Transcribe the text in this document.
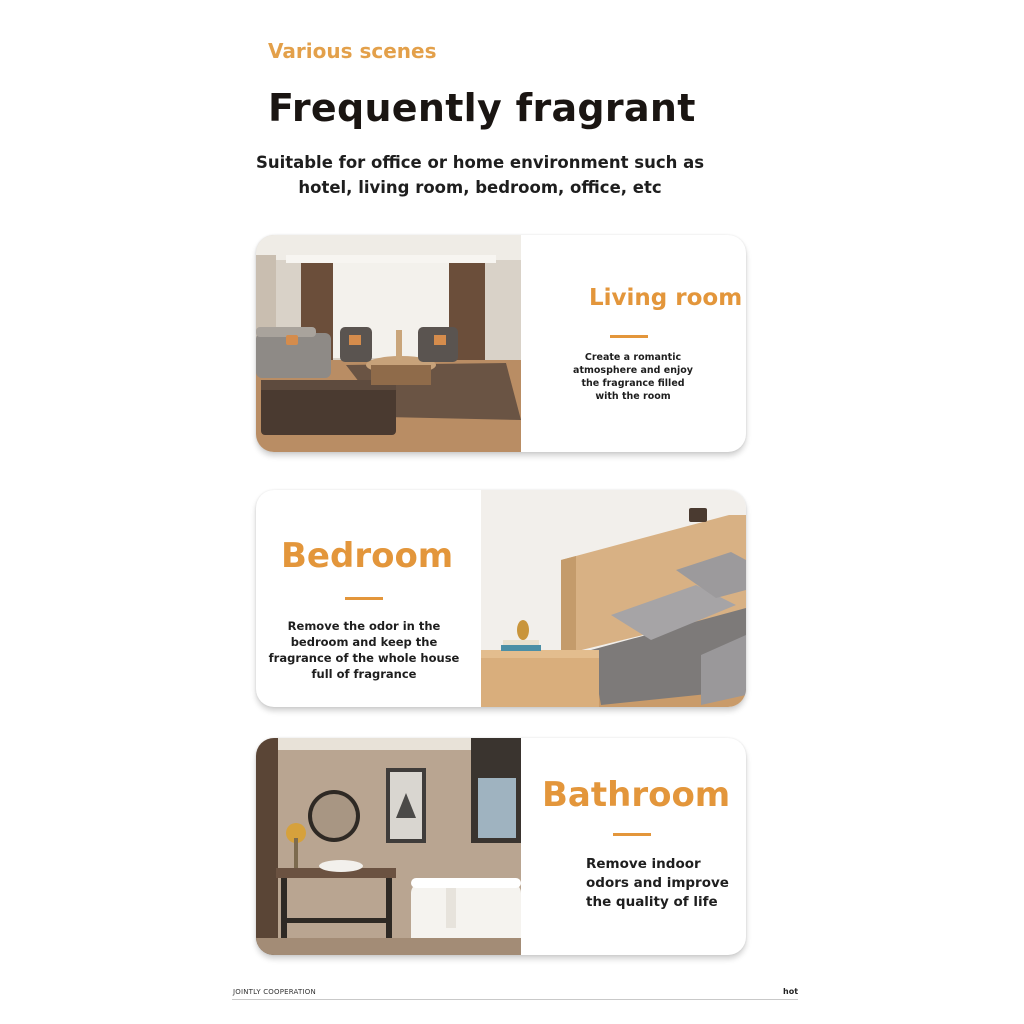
Various scenes
Frequently fragrant
Suitable for office or home environment such as
hotel, living room, bedroom, office, etc
Living room
Create a romantic atmosphere and enjoy the fragrance filled with the room
Bedroom
Remove the odor in the bedroom and keep the fragrance of the whole house full of fragrance
Bathroom
Remove indoor odors and improve the quality of life
JOINTLY COOPERATION	hot
